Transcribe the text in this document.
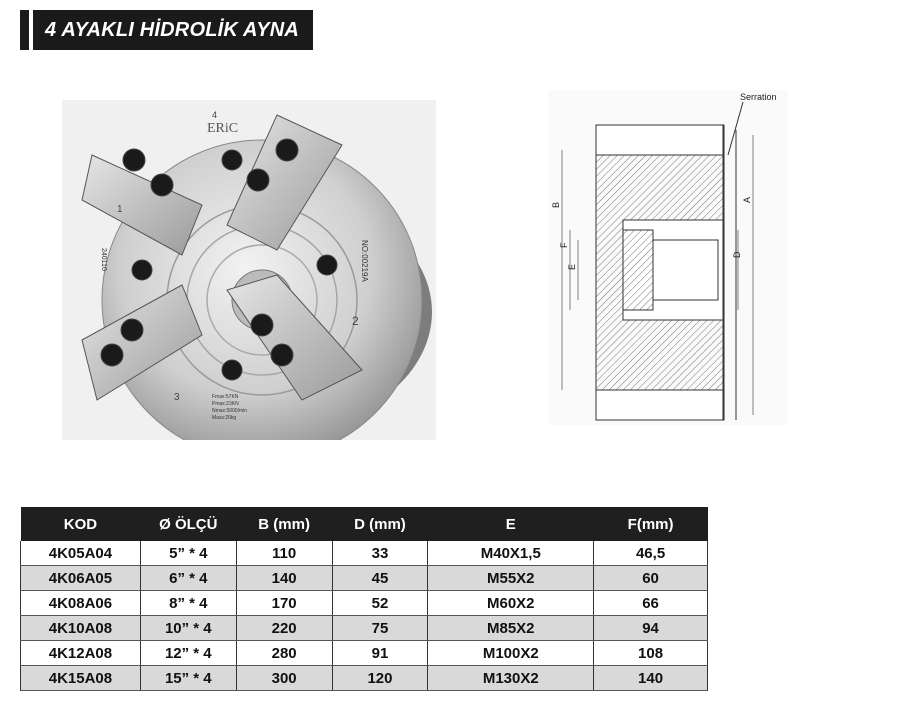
4 AYAKLI HİDROLİK AYNA
ERiC
NO:00219A
240110
1
2
3
4
Fmax:57KN
Pmax:23KN
Nmax:5000/min
Mass:20kg
Serration
A
B
D
E
F
KOD	Ø ÖLÇÜ	B (mm)	D (mm)	E	F(mm)
4K05A04	5” * 4	110	33	M40X1,5	46,5
4K06A05	6” * 4	140	45	M55X2	60
4K08A06	8” * 4	170	52	M60X2	66
4K10A08	10” * 4	220	75	M85X2	94
4K12A08	12” * 4	280	91	M100X2	108
4K15A08	15” * 4	300	120	M130X2	140
